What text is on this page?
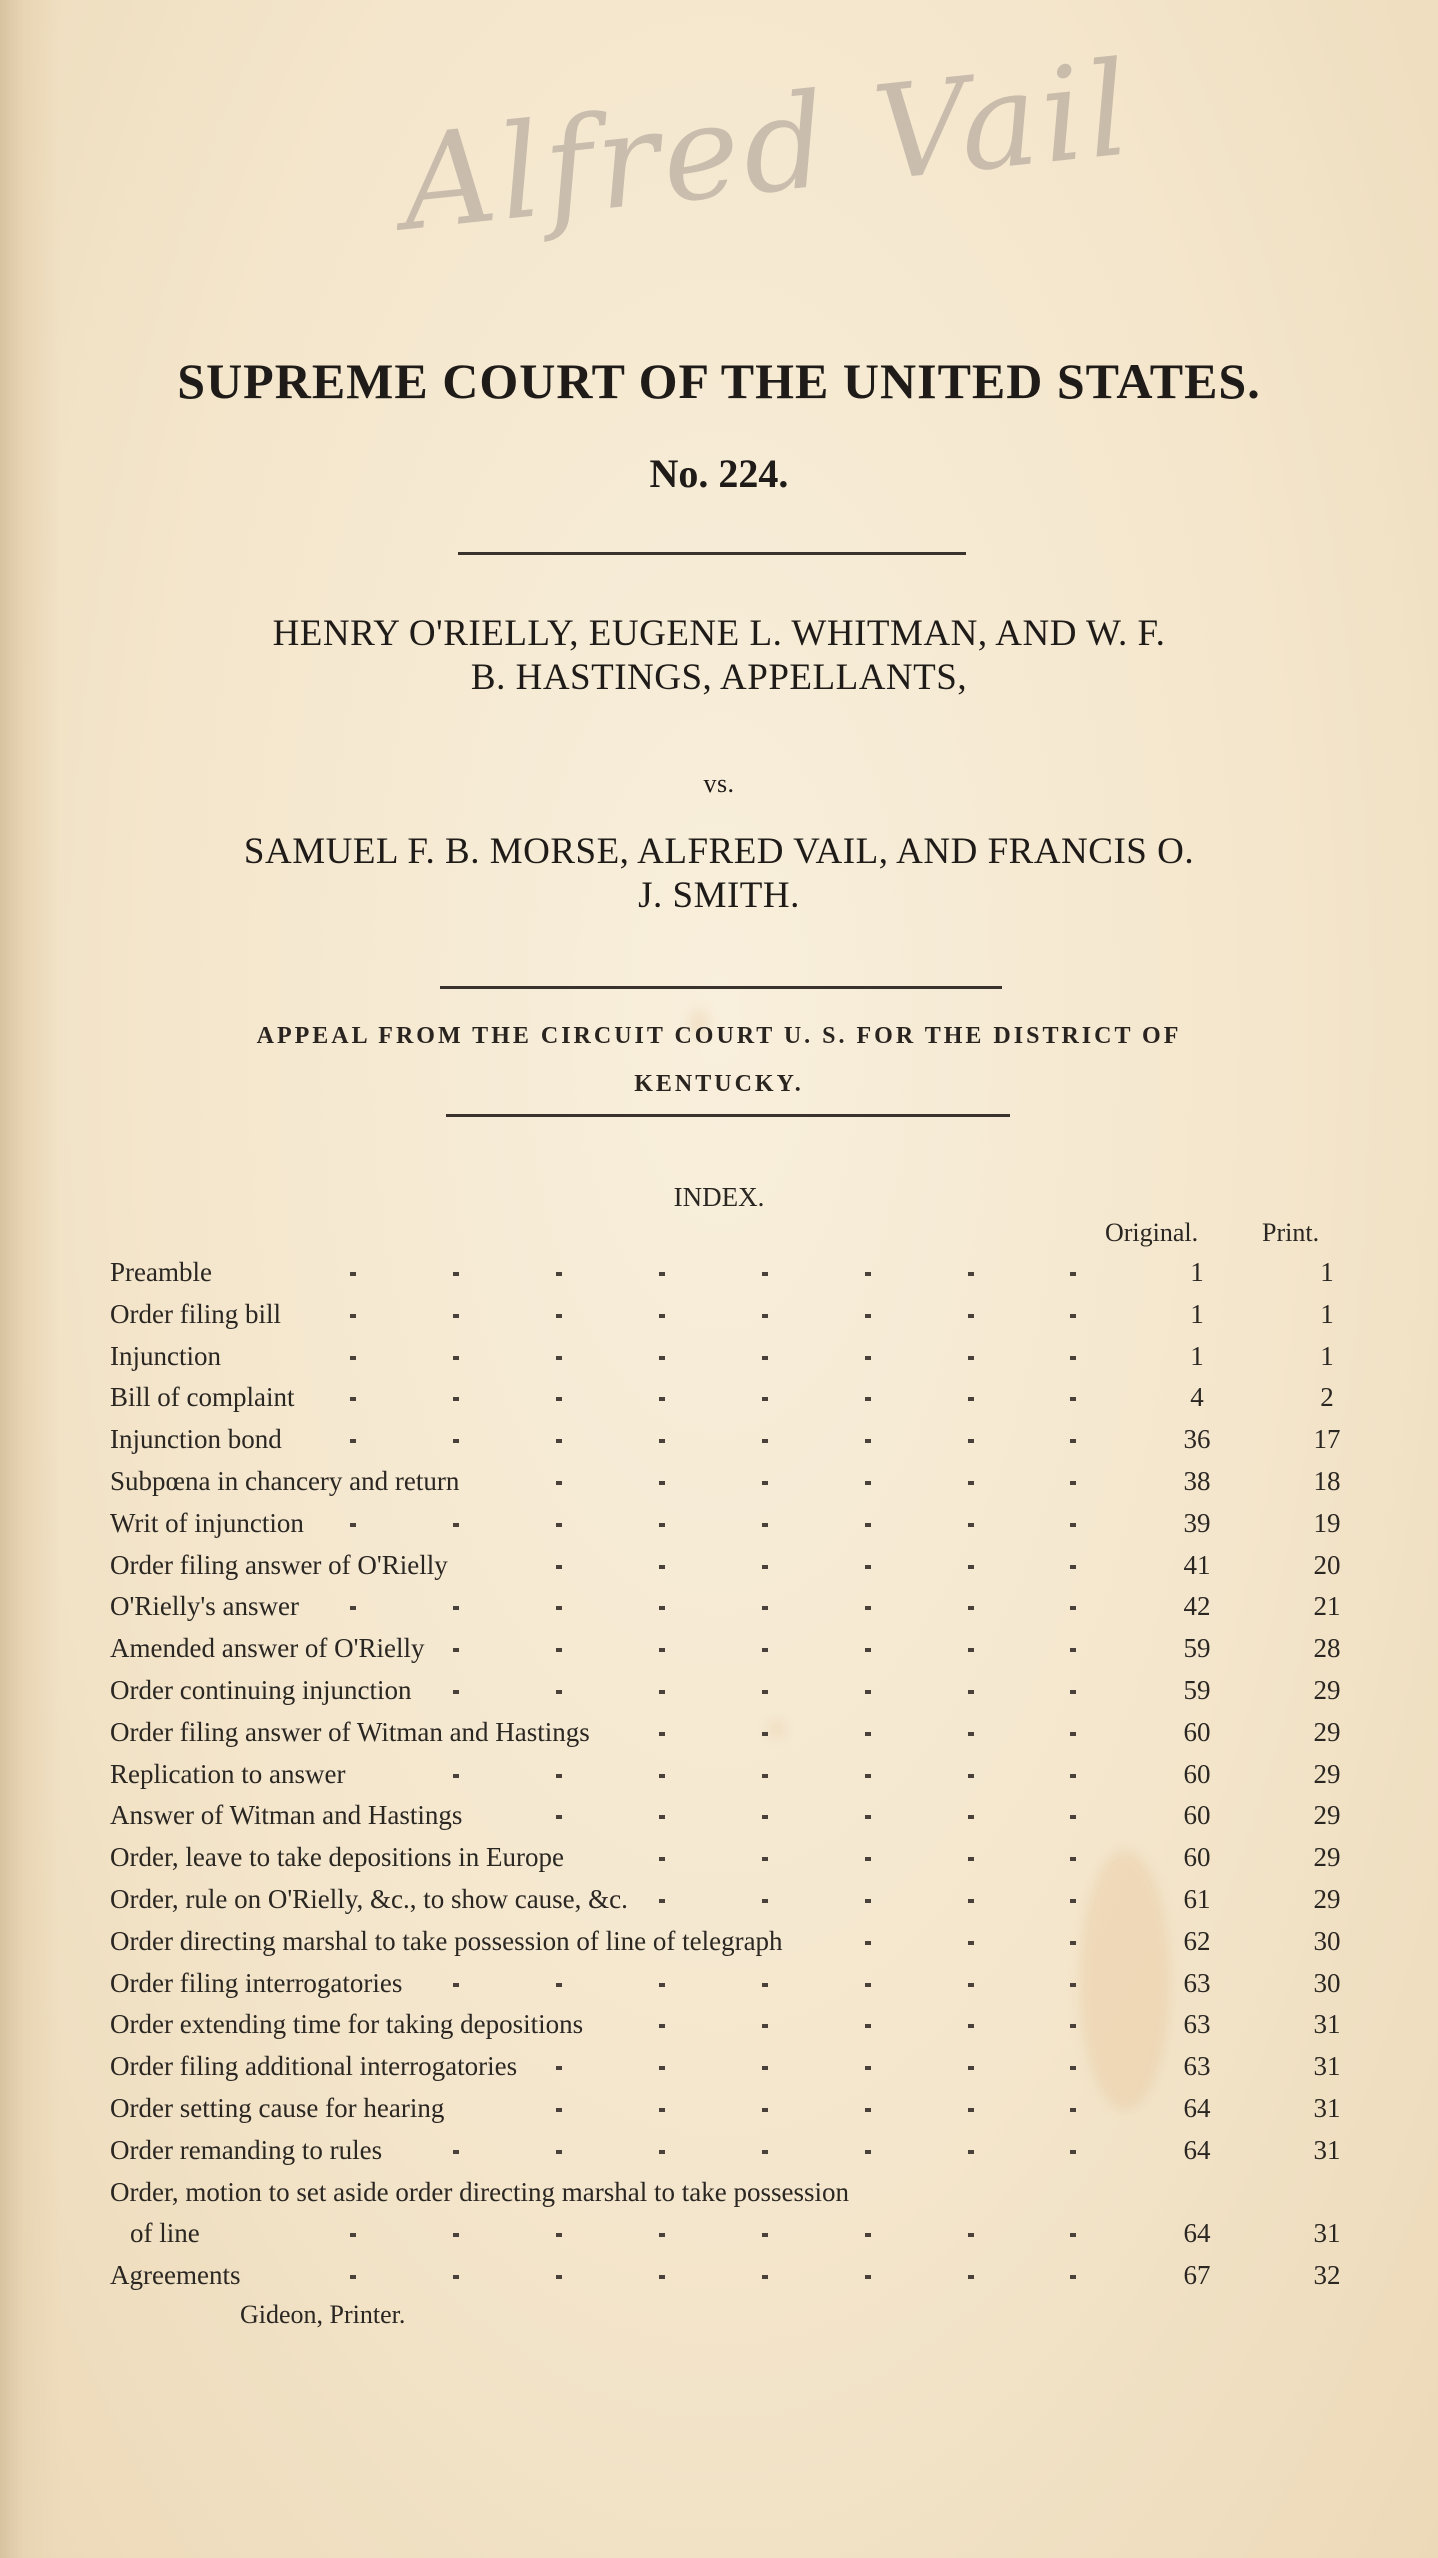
Alfred Vail
SUPREME COURT OF THE UNITED STATES.
No. 224.
HENRY O'RIELLY, EUGENE L. WHITMAN, AND W. F.
B. HASTINGS, APPELLANTS,
vs.
SAMUEL F. B. MORSE, ALFRED VAIL, AND FRANCIS O.
J. SMITH.
APPEAL FROM THE CIRCUIT COURT U. S. FOR THE DISTRICT OF
KENTUCKY.
INDEX.
Original. Print.
Preamble	1	1
Order filing bill	1	1
Injunction	1	1
Bill of complaint	4	2
Injunction bond	36	17
Subpœna in chancery and return	38	18
Writ of injunction	39	19
Order filing answer of O'Rielly	41	20
O'Rielly's answer	42	21
Amended answer of O'Rielly	59	28
Order continuing injunction	59	29
Order filing answer of Witman and Hastings	60	29
Replication to answer	60	29
Answer of Witman and Hastings	60	29
Order, leave to take depositions in Europe	60	29
Order, rule on O'Rielly, &c., to show cause, &c.	61	29
Order directing marshal to take possession of line of telegraph	62	30
Order filing interrogatories	63	30
Order extending time for taking depositions	63	31
Order filing additional interrogatories	63	31
Order setting cause for hearing	64	31
Order remanding to rules	64	31
Order, motion to set aside order directing marshal to take possession
of line	64	31
Agreements	67	32
Gideon, Printer.
